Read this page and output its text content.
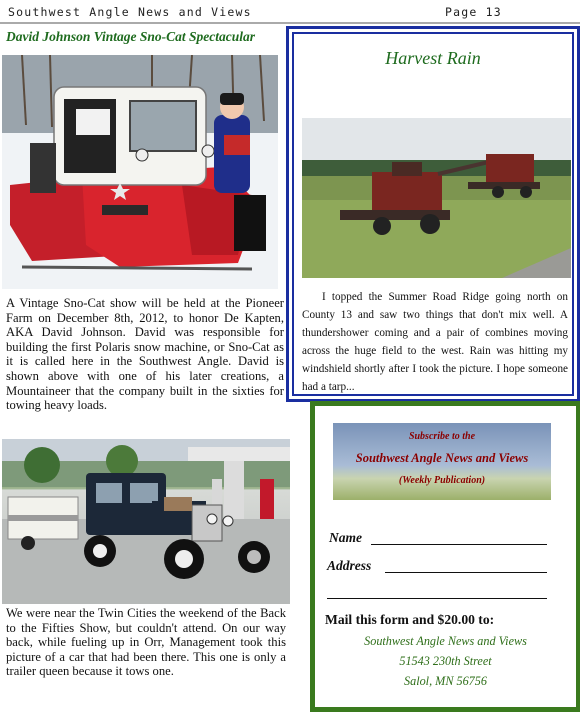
Southwest Angle News and Views	Page 13
David Johnson Vintage Sno-Cat Spectacular
A Vintage Sno-Cat show will be held at the Pioneer Farm on December 8th, 2012, to honor De Kapten, AKA David Johnson. David was responsible for building the first Polaris snow machine, or Sno-Cat as it is called here in the Southwest Angle. David is shown above with one of his later creations, a Mountaineer that the company built in the sixties for towing heavy loads.
We were near the Twin Cities the weekend of the Back to the Fifties Show, but couldn't attend. On our way back, while fueling up in Orr, Management took this picture of a car that had been there. This one is only a trailer queen because it tows one.
Harvest Rain
I topped the Summer Road Ridge going north on County 13 and saw two things that don't mix well. A thundershower coming and a pair of combines moving across the huge field to the west. Rain was hitting my windshield shortly after I took the picture. I hope someone had a tarp...
Subscribe to the
Southwest Angle News and Views
(Weekly Publication)
Name
Address
Mail this form and $20.00 to:
Southwest Angle News and Views
51543 230th Street
Salol, MN 56756
